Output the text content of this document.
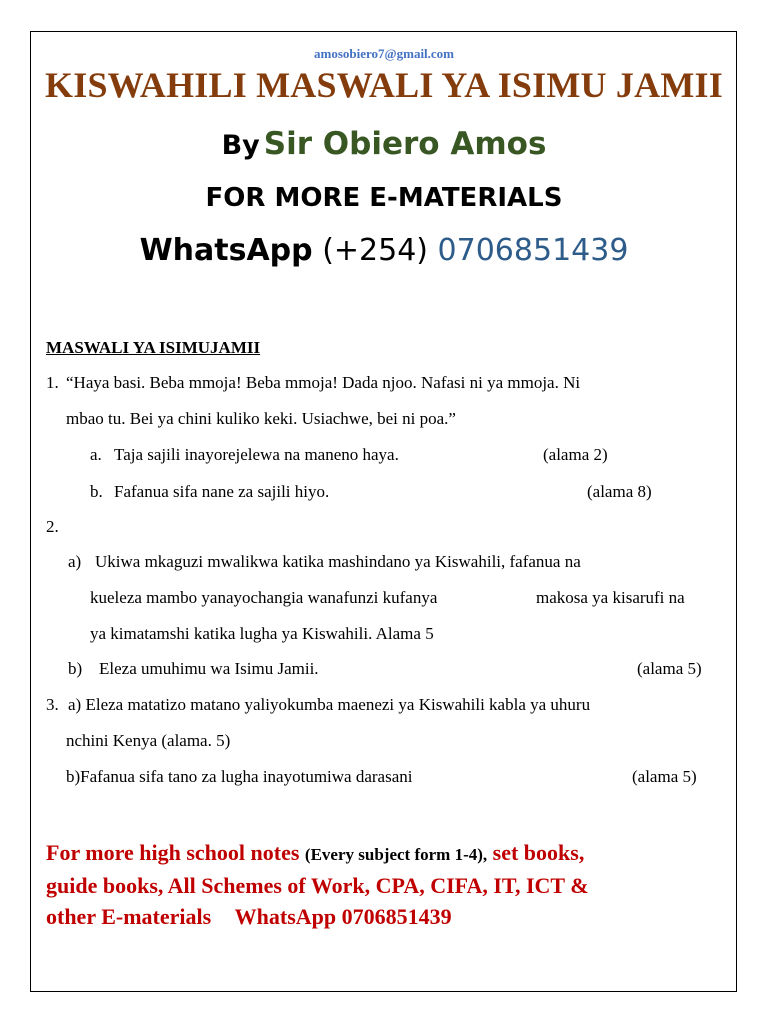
amosobiero7@gmail.com
KISWAHILI MASWALI YA ISIMU JAMII
By Sir Obiero Amos
FOR MORE E-MATERIALS
WhatsApp (+254) 0706851439
MASWALI YA ISIMUJAMII
1. “Haya basi. Beba mmoja! Beba mmoja! Dada njoo. Nafasi ni ya mmoja. Ni
mbao tu. Bei ya chini kuliko keki. Usiachwe, bei ni poa.”
a. Taja sajili inayorejelewa na maneno haya.	(alama 2)
b. Fafanua sifa nane za sajili hiyo.	(alama 8)
2.
a) Ukiwa mkaguzi mwalikwa katika mashindano ya Kiswahili, fafanua na
kueleza mambo yanayochangia wanafunzi kufanya	makosa ya kisarufi na
ya kimatamshi katika lugha ya Kiswahili. Alama 5
b) Eleza umuhimu wa Isimu Jamii.	(alama 5)
3. a) Eleza matatizo matano yaliyokumba maenezi ya Kiswahili kabla ya uhuru
nchini Kenya (alama. 5)
b)Fafanua sifa tano za lugha inayotumiwa darasani	(alama 5)
For more high school notes (Every subject form 1-4), set books,
guide books, All Schemes of Work, CPA, CIFA, IT, ICT &
other E-materials WhatsApp 0706851439
